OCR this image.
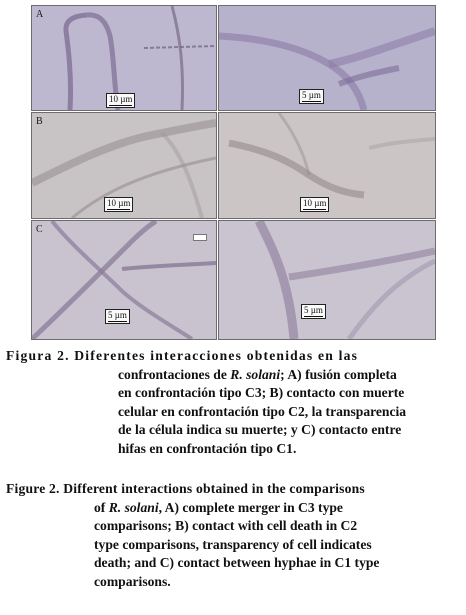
A
10 µm	5 µm
B
10 µm	10 µm
C
5 µm	5 µm
Figura 2. Diferentes interacciones obtenidas en las
confrontaciones de R. solani; A) fusión completa
en confrontación tipo C3; B) contacto con muerte
celular en confrontación tipo C2, la transparencia
de la célula indica su muerte; y C) contacto entre
hifas en confrontación tipo C1.
Figure 2. Different interactions obtained in the comparisons
of R. solani, A) complete merger in C3 type
comparisons; B) contact with cell death in C2
type comparisons, transparency of cell indicates
death; and C) contact between hyphae in C1 type
comparisons.
